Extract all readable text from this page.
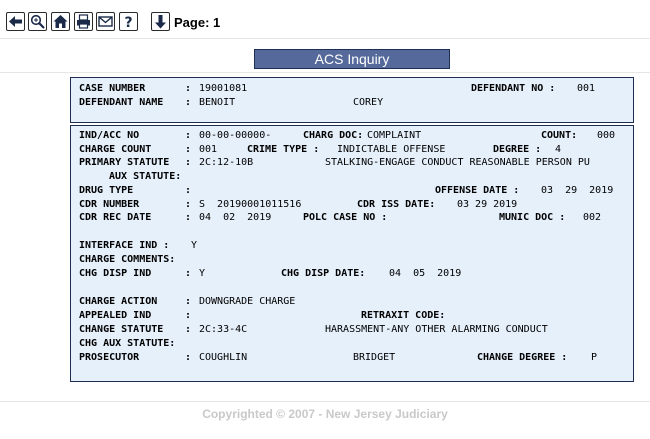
?	Page: 1
ACS Inquiry
CASE NUMBER	: 19001081	DEFENDANT NO : 001
DEFENDANT NAME : BENOIT	COREY
IND/ACC NO	: 00-00-00000-	CHARG DOC: COMPLAINT	COUNT: 000
CHARGE COUNT	: 001	CRIME TYPE : INDICTABLE OFFENSE	DEGREE : 4
PRIMARY STATUTE : 2C:12-10B	STALKING-ENGAGE CONDUCT REASONABLE PERSON PU
AUX STATUTE:
DRUG TYPE	:	OFFENSE DATE : 03  29  2019
CDR NUMBER	: S  20190001011516	CDR ISS DATE: 03 29 2019
CDR REC DATE	: 04  02  2019	POLC CASE NO :	MUNIC DOC : 002
INTERFACE IND : Y
CHARGE COMMENTS:
CHG DISP IND	: Y	CHG DISP DATE: 04  05  2019
CHARGE ACTION	: DOWNGRADE CHARGE
APPEALED IND	:	RETRAXIT CODE:
CHANGE STATUTE : 2C:33-4C	HARASSMENT-ANY OTHER ALARMING CONDUCT
CHG AUX STATUTE:
PROSECUTOR	: COUGHLIN	BRIDGET	CHANGE DEGREE : P
Copyrighted © 2007 - New Jersey Judiciary
